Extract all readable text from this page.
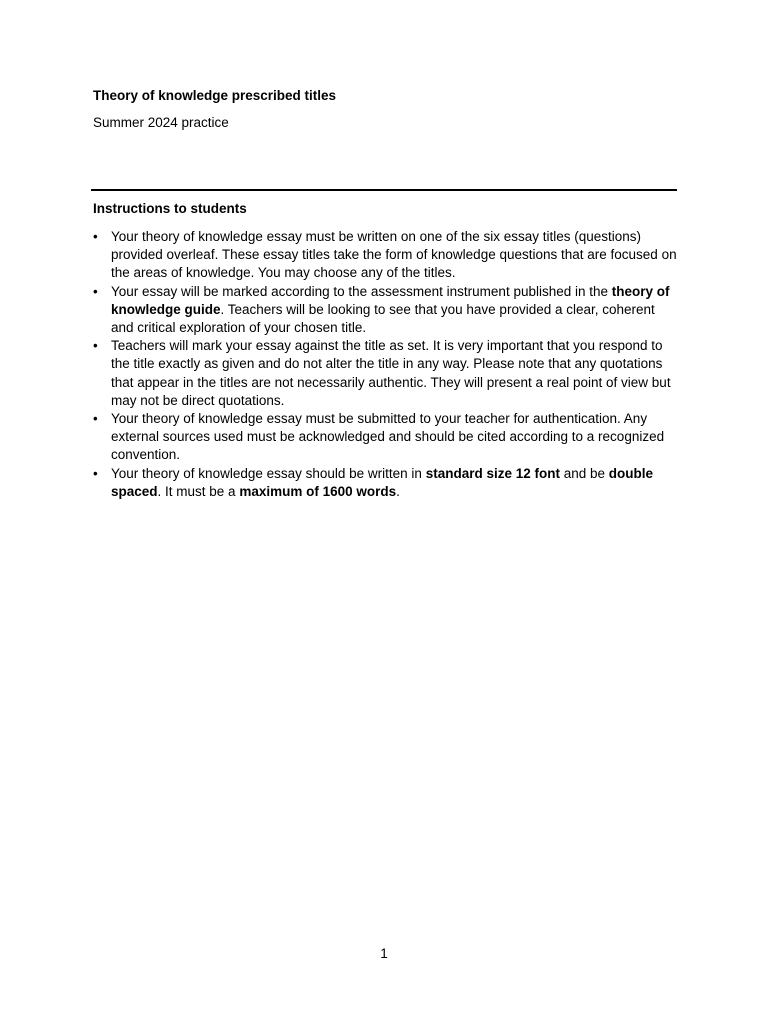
Theory of knowledge prescribed titles

Summer 2024 practice

Instructions to students

• Your theory of knowledge essay must be written on one of the six essay titles (questions) provided overleaf. These essay titles take the form of knowledge questions that are focused on the areas of knowledge. You may choose any of the titles.
• Your essay will be marked according to the assessment instrument published in the theory of knowledge guide. Teachers will be looking to see that you have provided a clear, coherent and critical exploration of your chosen title.
• Teachers will mark your essay against the title as set. It is very important that you respond to the title exactly as given and do not alter the title in any way. Please note that any quotations that appear in the titles are not necessarily authentic. They will present a real point of view but may not be direct quotations.
• Your theory of knowledge essay must be submitted to your teacher for authentication. Any external sources used must be acknowledged and should be cited according to a recognized convention.
• Your theory of knowledge essay should be written in standard size 12 font and be double spaced. It must be a maximum of 1600 words.

1
